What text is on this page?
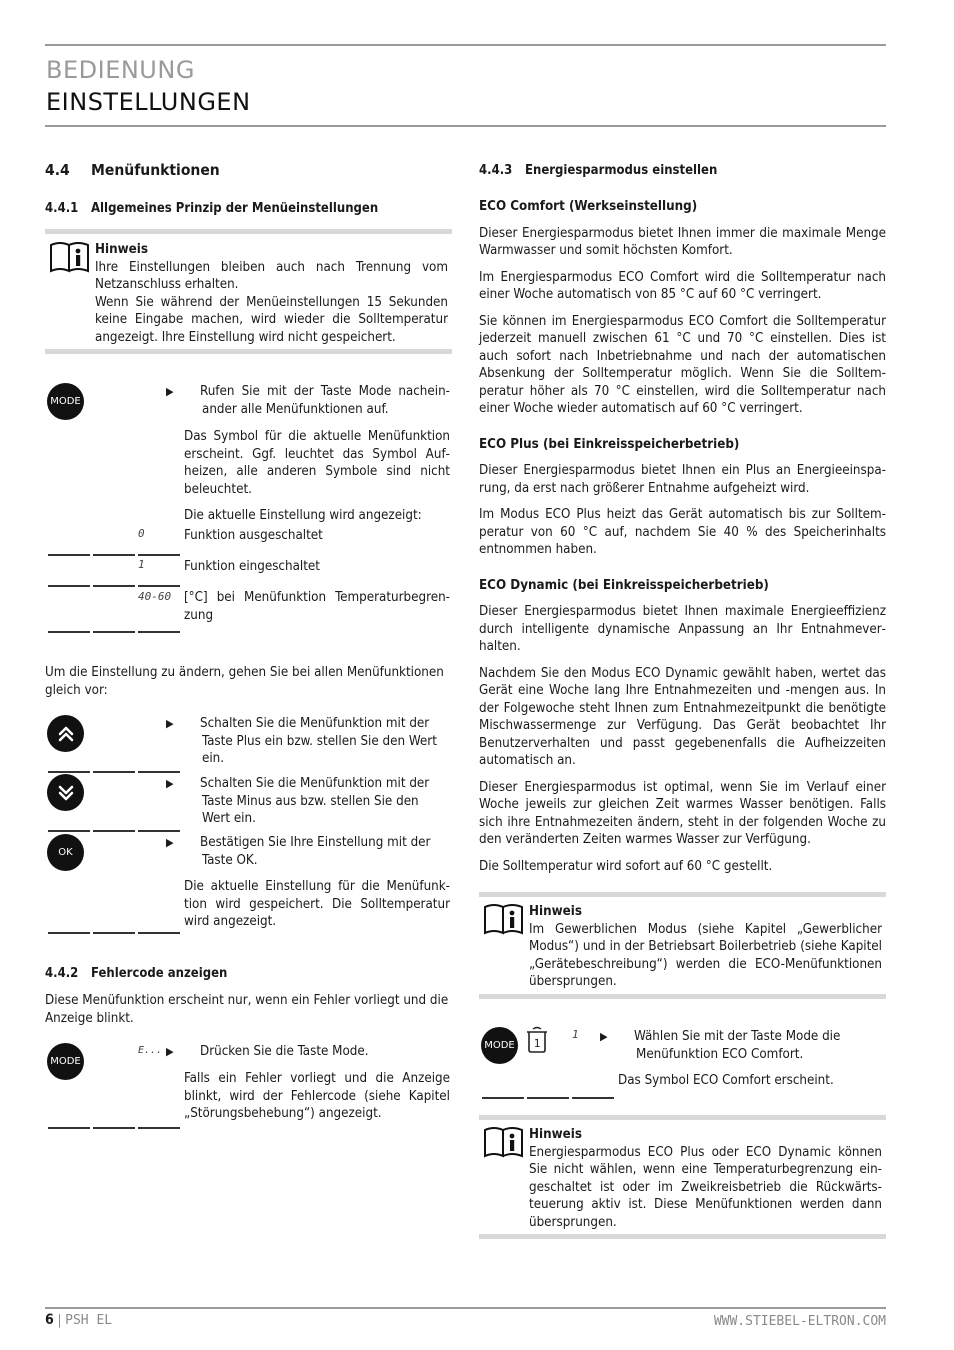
BEDIENUNG
EINSTELLUNGEN
4.4 Menüfunktionen
4.4.1 Allgemeines Prinzip der Menüeinstellungen
Hinweis
Ihre Einstellungen bleiben auch nach Trennung vom Netzanschluss erhalten.
Wenn Sie während der Menüeinstellungen 15 Sekunden keine Eingabe machen, wird wieder die Solltemperatur angezeigt. Ihre Einstellung wird nicht gespeichert.
MODE
▶ Rufen Sie mit der Taste Mode nacheinander alle Menüfunktionen auf.
Das Symbol für die aktuelle Menüfunktion erscheint. Ggf. leuchtet das Symbol Aufheizen, alle anderen Symbole sind nicht beleuchtet.
Die aktuelle Einstellung wird angezeigt:
0	Funktion ausgeschaltet
1	Funktion eingeschaltet
40-60 [°C] bei Menüfunktion Temperaturbegrenzung
Um die Einstellung zu ändern, gehen Sie bei allen Menüfunktionen gleich vor:
▶ Schalten Sie die Menüfunktion mit der Taste Plus ein bzw. stellen Sie den Wert ein.
▶ Schalten Sie die Menüfunktion mit der Taste Minus aus bzw. stellen Sie den Wert ein.
OK
▶ Bestätigen Sie Ihre Einstellung mit der Taste OK.
Die aktuelle Einstellung für die Menüfunktion wird gespeichert. Die Solltemperatur wird angezeigt.
4.4.2 Fehlercode anzeigen
Diese Menüfunktion erscheint nur, wenn ein Fehler vorliegt und die Anzeige blinkt.
MODE
E... ▶ Drücken Sie die Taste Mode.
Falls ein Fehler vorliegt und die Anzeige blinkt, wird der Fehlercode (siehe Kapitel „Störungsbehebung“) angezeigt.
4.4.3 Energiesparmodus einstellen
ECO Comfort (Werkseinstellung)

Dieser Energiesparmodus bietet Ihnen immer die maximale Menge Warmwasser und somit höchsten Komfort.

Im Energiesparmodus ECO Comfort wird die Solltemperatur nach einer Woche automatisch von 85 °C auf 60 °C verringert.

Sie können im Energiesparmodus ECO Comfort die Solltemperatur jederzeit manuell zwischen 61 °C und 70 °C einstellen. Dies ist auch sofort nach Inbetriebnahme und nach der automatischen Absenkung der Solltemperatur möglich. Wenn Sie die Solltemperatur höher als 70 °C einstellen, wird die Solltemperatur nach einer Woche wieder automatisch auf 60 °C verringert.

ECO Plus (bei Einkreisspeicherbetrieb)

Dieser Energiesparmodus bietet Ihnen ein Plus an Energieeinsparung, da erst nach größerer Entnahme aufgeheizt wird.

Im Modus ECO Plus heizt das Gerät automatisch bis zur Solltemperatur von 60 °C auf, nachdem Sie 40 % des Speicherinhalts entnommen haben.

ECO Dynamic (bei Einkreisspeicherbetrieb)

Dieser Energiesparmodus bietet Ihnen maximale Energieeffizienz durch intelligente dynamische Anpassung an Ihr Entnahmeverhalten.

Nachdem Sie den Modus ECO Dynamic gewählt haben, wertet das Gerät eine Woche lang Ihre Entnahmezeiten und -mengen aus. In der Folgewoche steht Ihnen zum Entnahmezeitpunkt die benötigte Mischwassermenge zur Verfügung. Das Gerät beobachtet Ihr Benutzerverhalten und passt gegebenenfalls die Aufheizzeiten automatisch an.

Dieser Energiesparmodus ist optimal, wenn Sie im Verlauf einer Woche jeweils zur gleichen Zeit warmes Wasser benötigen. Falls sich ihre Entnahmezeiten ändern, steht in der folgenden Woche zu den veränderten Zeiten warmes Wasser zur Verfügung.

Die Solltemperatur wird sofort auf 60 °C gestellt.

Hinweis
Im Gewerblichen Modus (siehe Kapitel „Gewerblicher Modus“) und in der Betriebsart Boilerbetrieb (siehe Kapitel „Gerätebeschreibung“) werden die ECO-Menüfunktionen übersprungen.
MODE 1
1 ▶ Wählen Sie mit der Taste Mode die Menüfunktion ECO Comfort.
Das Symbol ECO Comfort erscheint.
Hinweis
Energiesparmodus ECO Plus oder ECO Dynamic können Sie nicht wählen, wenn eine Temperaturbegrenzung eingeschaltet ist oder im Zweikreisbetrieb die Rückwärtsteuerung aktiv ist. Diese Menüfunktionen werden dann übersprungen.
6 | PSH EL	WWW.STIEBEL-ELTRON.COM
